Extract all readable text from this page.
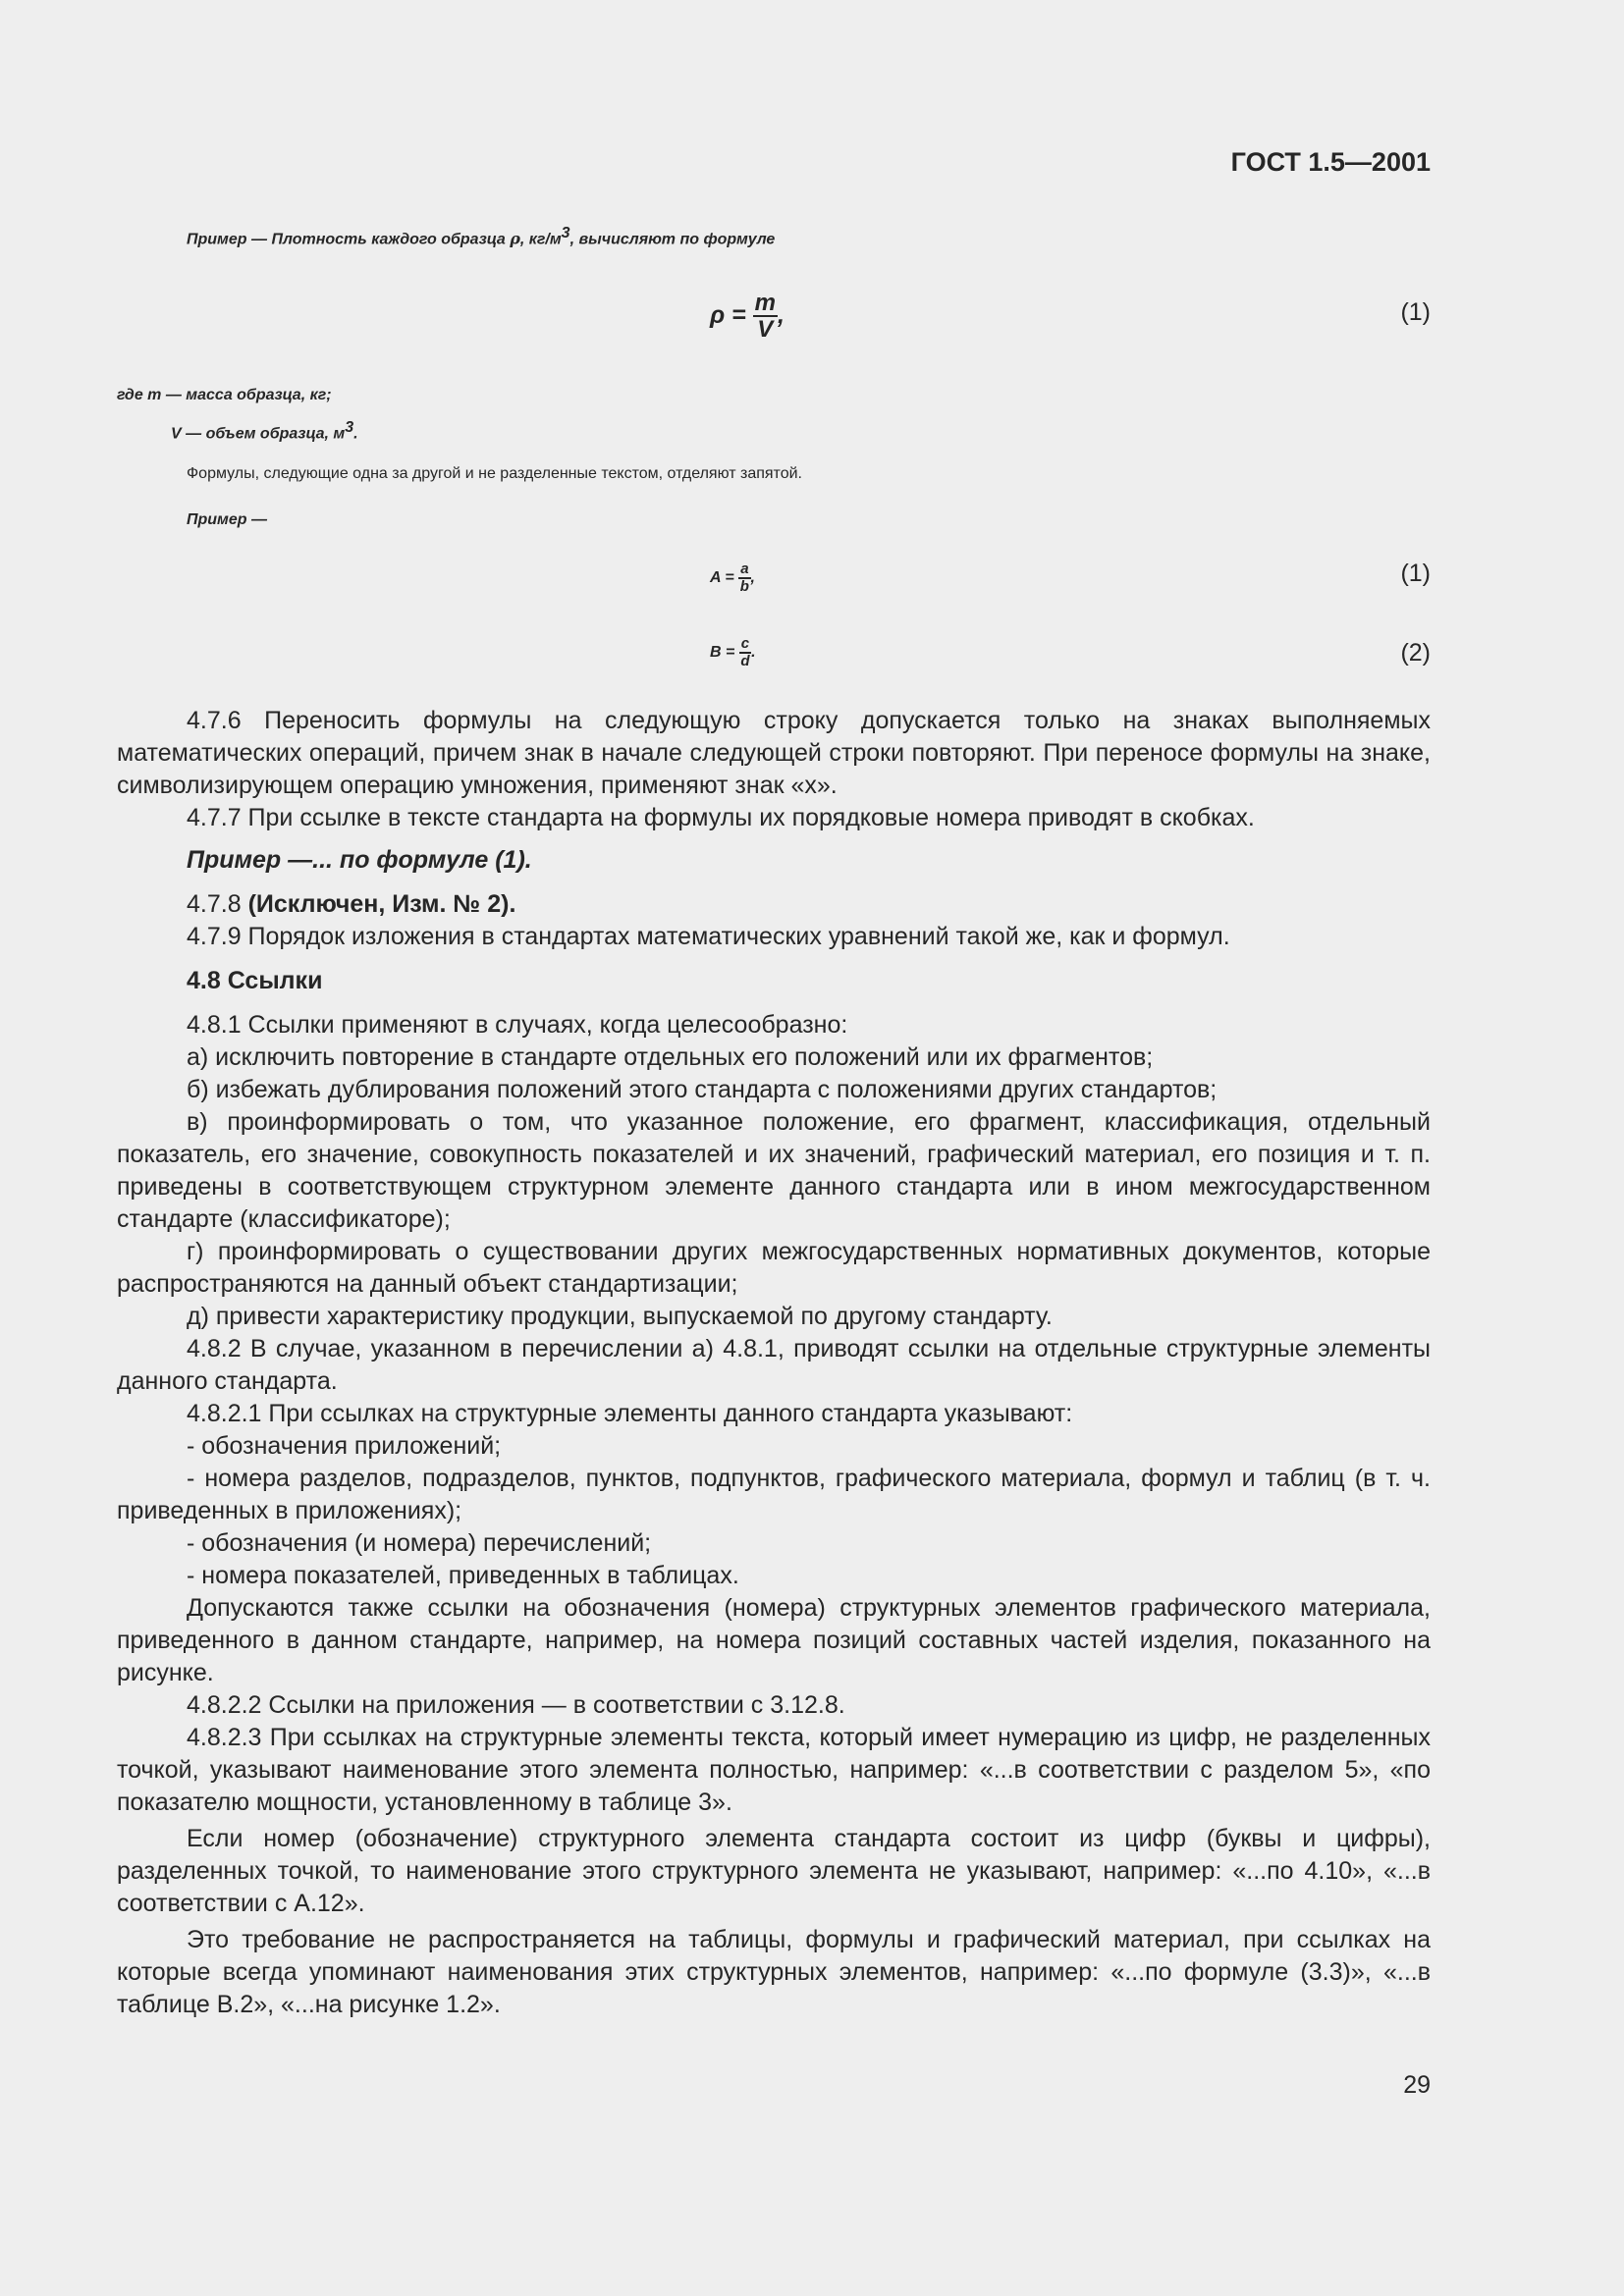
ГОСТ 1.5—2001
Пример — Плотность каждого образца ρ, $кг/м^3$, вычисляют по формуле
$\rho = \frac{m}{V}$ ,	(1)
где m — масса образца, кг;
V — объем образца, $м^3$.
Формулы, следующие одна за другой и не разделенные текстом, отделяют запятой.
Пример —
$A = \frac{a}{b}$ ,	(1)
$B = \frac{c}{d}$ .	(2)

4.7.6 Переносить формулы на следующую строку допускается только на знаках выполняемых математических операций, причем знак в начале следующей строки повторяют. При переносе формулы на знаке, символизирующем операцию умножения, применяют знак «х».

4.7.7 При ссылке в тексте стандарта на формулы их порядковые номера приводят в скобках.

Пример —... по формуле (1).

4.7.8 (Исключен, Изм. № 2).

4.7.9 Порядок изложения в стандартах математических уравнений такой же, как и формул.

4.8 Ссылки

4.8.1 Ссылки применяют в случаях, когда целесообразно:

а) исключить повторение в стандарте отдельных его положений или их фрагментов;

б) избежать дублирования положений этого стандарта с положениями других стандартов;

в) проинформировать о том, что указанное положение, его фрагмент, классификация, отдельный показатель, его значение, совокупность показателей и их значений, графический материал, его позиция и т. п. приведены в соответствующем структурном элементе данного стандарта или в ином межгосударственном стандарте (классификаторе);

г) проинформировать о существовании других межгосударственных нормативных документов, которые распространяются на данный объект стандартизации;

д) привести характеристику продукции, выпускаемой по другому стандарту.

4.8.2 В случае, указанном в перечислении а) 4.8.1, приводят ссылки на отдельные структурные элементы данного стандарта.

4.8.2.1 При ссылках на структурные элементы данного стандарта указывают:

- обозначения приложений;

- номера разделов, подразделов, пунктов, подпунктов, графического материала, формул и таблиц (в т. ч. приведенных в приложениях);

- обозначения (и номера) перечислений;

- номера показателей, приведенных в таблицах.

Допускаются также ссылки на обозначения (номера) структурных элементов графического материала, приведенного в данном стандарте, например, на номера позиций составных частей изделия, показанного на рисунке.

4.8.2.2 Ссылки на приложения — в соответствии с 3.12.8.

4.8.2.3 При ссылках на структурные элементы текста, который имеет нумерацию из цифр, не разделенных точкой, указывают наименование этого элемента полностью, например: «...в соответствии с разделом 5», «по показателю мощности, установленному в таблице 3».

Если номер (обозначение) структурного элемента стандарта состоит из цифр (буквы и цифры), разделенных точкой, то наименование этого структурного элемента не указывают, например: «...по 4.10», «...в соответствии с А.12».

Это требование не распространяется на таблицы, формулы и графический материал, при ссылках на которые всегда упоминают наименования этих структурных элементов, например: «...по формуле (3.3)», «...в таблице В.2», «...на рисунке 1.2».

29
